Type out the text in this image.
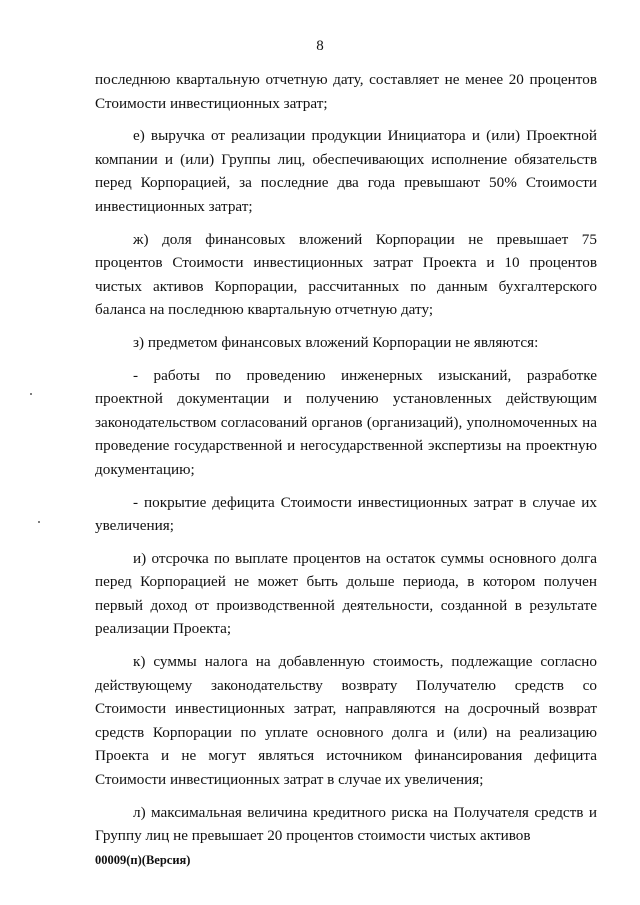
8

последнюю квартальную отчетную дату, составляет не менее 20 процентов Стоимости инвестиционных затрат;

е) выручка от реализации продукции Инициатора и (или) Проектной компании и (или) Группы лиц, обеспечивающих исполнение обязательств перед Корпорацией, за последние два года превышают 50% Стоимости инвестиционных затрат;

ж) доля финансовых вложений Корпорации не превышает 75 процентов Стоимости инвестиционных затрат Проекта и 10 процентов чистых активов Корпорации, рассчитанных по данным бухгалтерского баланса на последнюю квартальную отчетную дату;

з) предметом финансовых вложений Корпорации не являются:

- работы по проведению инженерных изысканий, разработке проектной документации и получению установленных действующим законодательством согласований органов (организаций), уполномоченных на проведение государственной и негосударственной экспертизы на проектную документацию;

- покрытие дефицита Стоимости инвестиционных затрат в случае их увеличения;

и) отсрочка по выплате процентов на остаток суммы основного долга перед Корпорацией не может быть дольше периода, в котором получен первый доход от производственной деятельности, созданной в результате реализации Проекта;

к) суммы налога на добавленную стоимость, подлежащие согласно действующему законодательству возврату Получателю средств со Стоимости инвестиционных затрат, направляются на досрочный возврат средств Корпорации по уплате основного долга и (или) на реализацию Проекта и не могут являться источником финансирования дефицита Стоимости инвестиционных затрат в случае их увеличения;

л) максимальная величина кредитного риска на Получателя средств и Группу лиц не превышает 20 процентов стоимости чистых активов

00009(п)(Версия)
